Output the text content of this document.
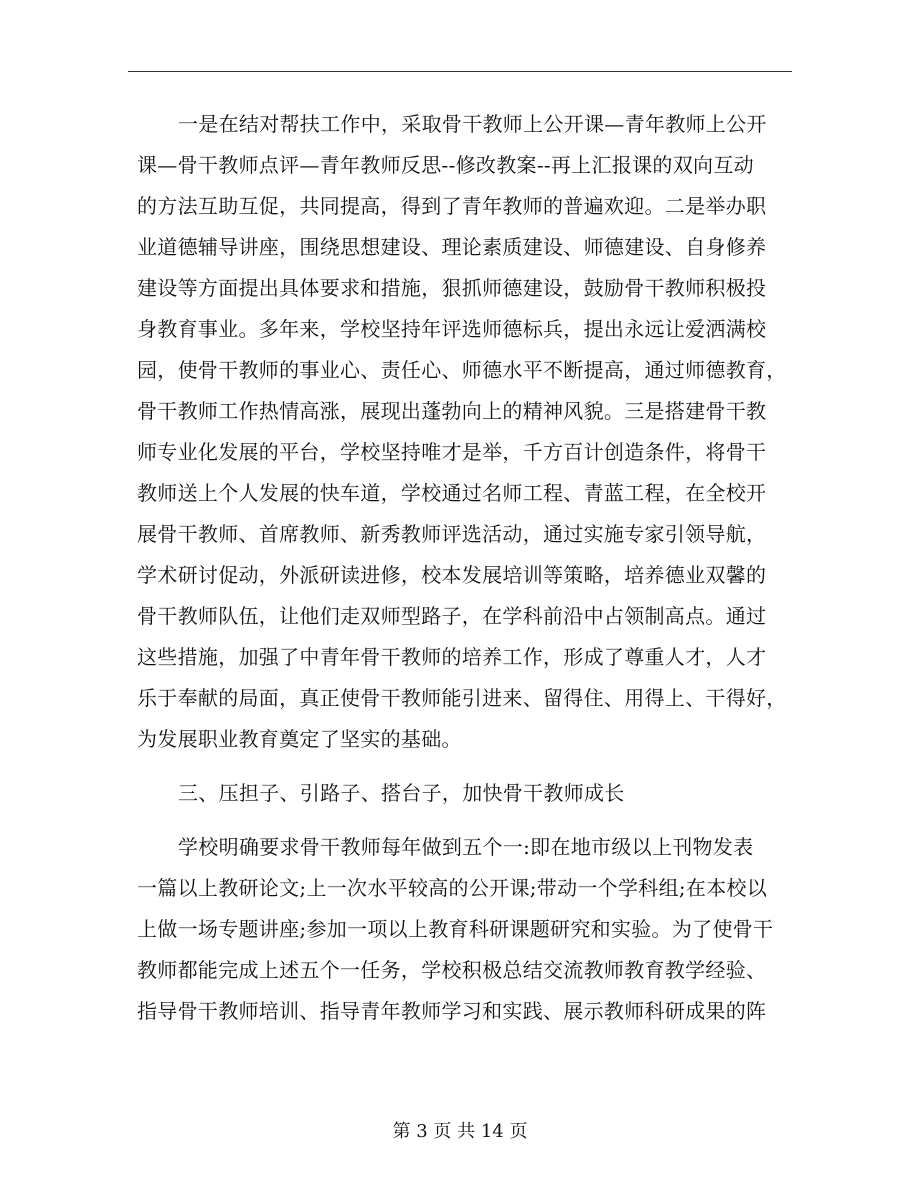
一是在结对帮扶工作中，采取骨干教师上公开课—青年教师上公开
课—骨干教师点评—青年教师反思--修改教案--再上汇报课的双向互动
的方法互助互促，共同提高，得到了青年教师的普遍欢迎。二是举办职
业道德辅导讲座，围绕思想建设、理论素质建设、师德建设、自身修养
建设等方面提出具体要求和措施，狠抓师德建设，鼓励骨干教师积极投
身教育事业。多年来，学校坚持年评选师德标兵，提出永远让爱洒满校
园，使骨干教师的事业心、责任心、师德水平不断提高，通过师德教育，
骨干教师工作热情高涨，展现出蓬勃向上的精神风貌。三是搭建骨干教
师专业化发展的平台，学校坚持唯才是举，千方百计创造条件，将骨干
教师送上个人发展的快车道，学校通过名师工程、青蓝工程，在全校开
展骨干教师、首席教师、新秀教师评选活动，通过实施专家引领导航，
学术研讨促动，外派研读进修，校本发展培训等策略，培养德业双馨的
骨干教师队伍，让他们走双师型路子，在学科前沿中占领制高点。通过
这些措施，加强了中青年骨干教师的培养工作，形成了尊重人才，人才
乐于奉献的局面，真正使骨干教师能引进来、留得住、用得上、干得好，
为发展职业教育奠定了坚实的基础。
三、压担子、引路子、搭台子，加快骨干教师成长
学校明确要求骨干教师每年做到五个一:即在地市级以上刊物发表
一篇以上教研论文;上一次水平较高的公开课;带动一个学科组;在本校以
上做一场专题讲座;参加一项以上教育科研课题研究和实验。为了使骨干
教师都能完成上述五个一任务，学校积极总结交流教师教育教学经验、
指导骨干教师培训、指导青年教师学习和实践、展示教师科研成果的阵
第 3 页 共 14 页
